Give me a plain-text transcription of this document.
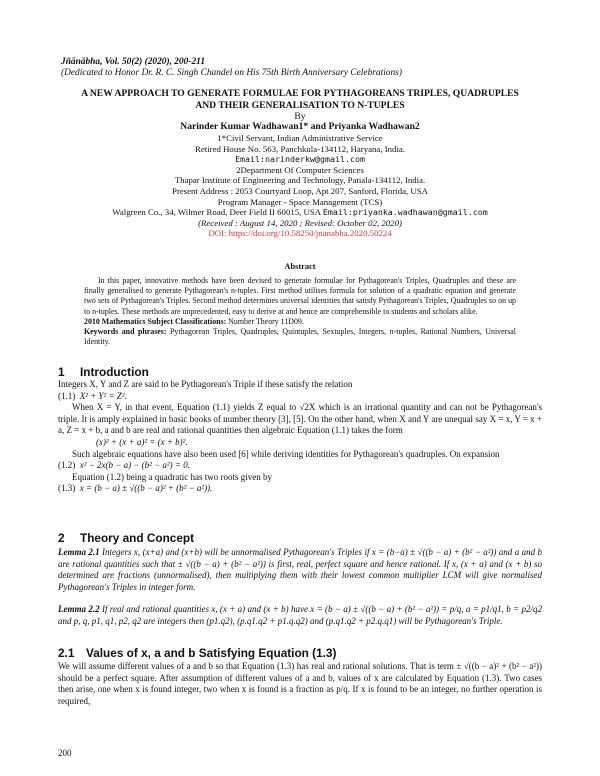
Jñānābha, Vol. 50(2) (2020), 200-211
(Dedicated to Honor Dr. R. C. Singh Chandel on His 75th Birth Anniversary Celebrations)
A NEW APPROACH TO GENERATE FORMULAE FOR PYTHAGOREANS TRIPLES, QUADRUPLES
AND THEIR GENERALISATION TO N-TUPLES
By
Narinder Kumar Wadhawan1* and Priyanka Wadhawan2
1*Civil Servant, Indian Administrative Service
Retired House No. 563, Panchkula-134112, Haryana, India.
Email:narinderkw@gmail.com
2Department Of Computer Sciences
Thapar Institute of Engineering and Technology, Patiala-134112, India.
Present Address : 2053 Courtyard Loop, Apt 207, Sanford, Florida, USA
Program Manager - Space Management (TCS)
Walgreen Co., 34, Wilmer Road, Deer Field II 60015, USA Email:priyanka.wadhawan@gmail.com
(Received : August 14, 2020 ; Revised: October 02, 2020)
DOI: https://doi.org/10.58250/jnanabha.2020.50224
Abstract

In this paper, innovative methods have been devised to generate formulae for Pythagorean's Triples, Quadruples and these are finally generalised to generate Pythagorean's n-tuples. First method utilises formula for solution of a quadratic equation and generate two sets of Pythagorean's Triples. Second method determines universal identities that satisfy Pythagorean's Triples, Quadruples so on up to n-tuples. These methods are unprecedented, easy to derive at and hence are comprehensible to students and scholars alike.

2010 Mathematics Subject Classifications: Number Theory 11D09.

Keywords and phrases: Pythagorean Triples, Quadruples, Quintuples, Sextuples, Integers, n-tuples, Rational Numbers, Universal Identity.

1 Introduction

Integers X, Y and Z are said to be Pythagorean's Triple if these satisfy the relation

(1.1) X² + Y² = Z².

When X = Y, in that event, Equation (1.1) yields Z equal to √2X which is an irrational quantity and can not be Pythagorean's triple. It is amply explained in basic books of number theory [3], [5]. On the other hand, when X and Y are unequal say X = x, Y = x + a, Z = x + b, a and b are real and rational quantities then algebraic Equation (1.1) takes the form

(x)² + (x + a)² = (x + b)².

Such algebraic equations have also been used [6] while deriving identities for Pythagorean's quadruples. On expansion

(1.2) x² − 2x(b − a) − (b² − a²) = 0.

Equation (1.2) being a quadratic has two roots given by

(1.3) x = (b − a) ± √((b − a)² + (b² − a²)).

2 Theory and Concept

Lemma 2.1 Integers x, (x+a) and (x+b) will be unnormalised Pythagorean's Triples if x = (b−a) ± √((b − a) + (b² − a²)) and a and b are rational quantities such that ± √((b − a) + (b² − a²)) is first, real, perfect square and hence rational. If x, (x + a) and (x + b) so determined are fractions (unnormalised), then multiplying them with their lowest common multiplier LCM will give normalised Pythagorean's Triples in integer form.

Lemma 2.2 If real and rational quantities x, (x + a) and (x + b) have x = (b − a) ± √((b − a) + (b² − a²)) = p/q, a = p1/q1, b = p2/q2 and p, q, p1, q1, p2, q2 are integers then (p1.q2), (p.q1.q2 + p1.q.q2) and (p.q1.q2 + p2.q.q1) will be Pythagorean's Triple.

2.1 Values of x, a and b Satisfying Equation (1.3)

We will assume different values of a and b so that Equation (1.3) has real and rational solutions. That is term ± √((b − a)² + (b² − a²)) should be a perfect square. After assumption of different values of a and b, values of x are calculated by Equation (1.3). Two cases then arise, one when x is found integer, two when x is found is a fraction as p/q. If x is found to be an integer, no further operation is required,

200
